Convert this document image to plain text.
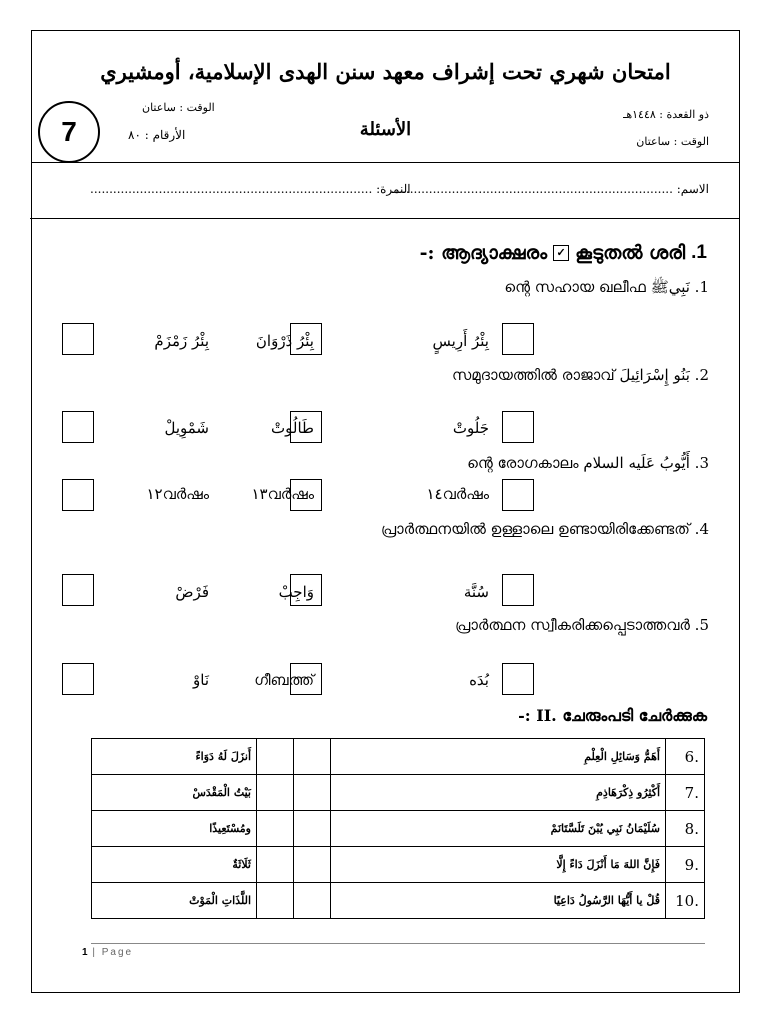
امتحان شهري تحت إشراف معهد سنن الهدى الإسلامية، أومشيري
7
الوقت : ساعتان
الأرقام : ٨٠	الأسئلة
ذو القعدة : ١٤٤٨هـ
الوقت : ساعتان
الاسم: ..........................................................................
النمرة: ..........................................................................
1.
കൂടുതൽ ശരി
✓
ആദ്യാക്ഷരം :-
1. نَبِيﷺ ന്റെ സഹായ ഖലീഫ
بِئْرُ أَرِيسٍ
بِئْرُ ذَرْوَانَ
بِئْرُ زَمْزَمْ
2. بَنُو إِسْرَائِيلَ സമുദായത്തിൽ രാജാവ്
جَلُوتْ
طَالُوتْ
شَمْوِيلْ
3. أَيُّوبُ عَلَيه السلام ന്റെ രോഗകാലം
١٤വർഷം
١٣വർഷം
١٢വർഷം
4. പ്രാർത്ഥനയിൽ ഉള്ളാലെ ഉണ്ടായിരിക്കേണ്ടത്
سُنَّة
وَاجِبْ
فَرْضْ
5. പ്രാർത്ഥന സ്വീകരിക്കപ്പെടാത്തവർ
بُدَه
ഗീബത്ത്
نَاوْ
II. ചേരുംപടി ചേർക്കുക :-
أَنزَلَ لَهُ دَوَاءً			أَهَمُّ وَسَائِلِ الْعِلْمِ	.6
بَيْتُ الْمَقْدَسْ			أَكْثِرُو ذِكْرَهَاذِمِ	.7
ومُسْتَعِيذًا			سُلَيْمَانُ نَبِي يُبْنَ تَلَسَّتَانَمْ	.8
ثَلَاثَةٌ			فَإِنَّ اللهَ مَا أَنْزَلَ دَاءً إِلَّا	.9
اللَّذَاتِ الْمَوْتْ			قُلْ يا أَيُّهَا الرَّسُولُ دَاعِيًا	.10
1 | Page
